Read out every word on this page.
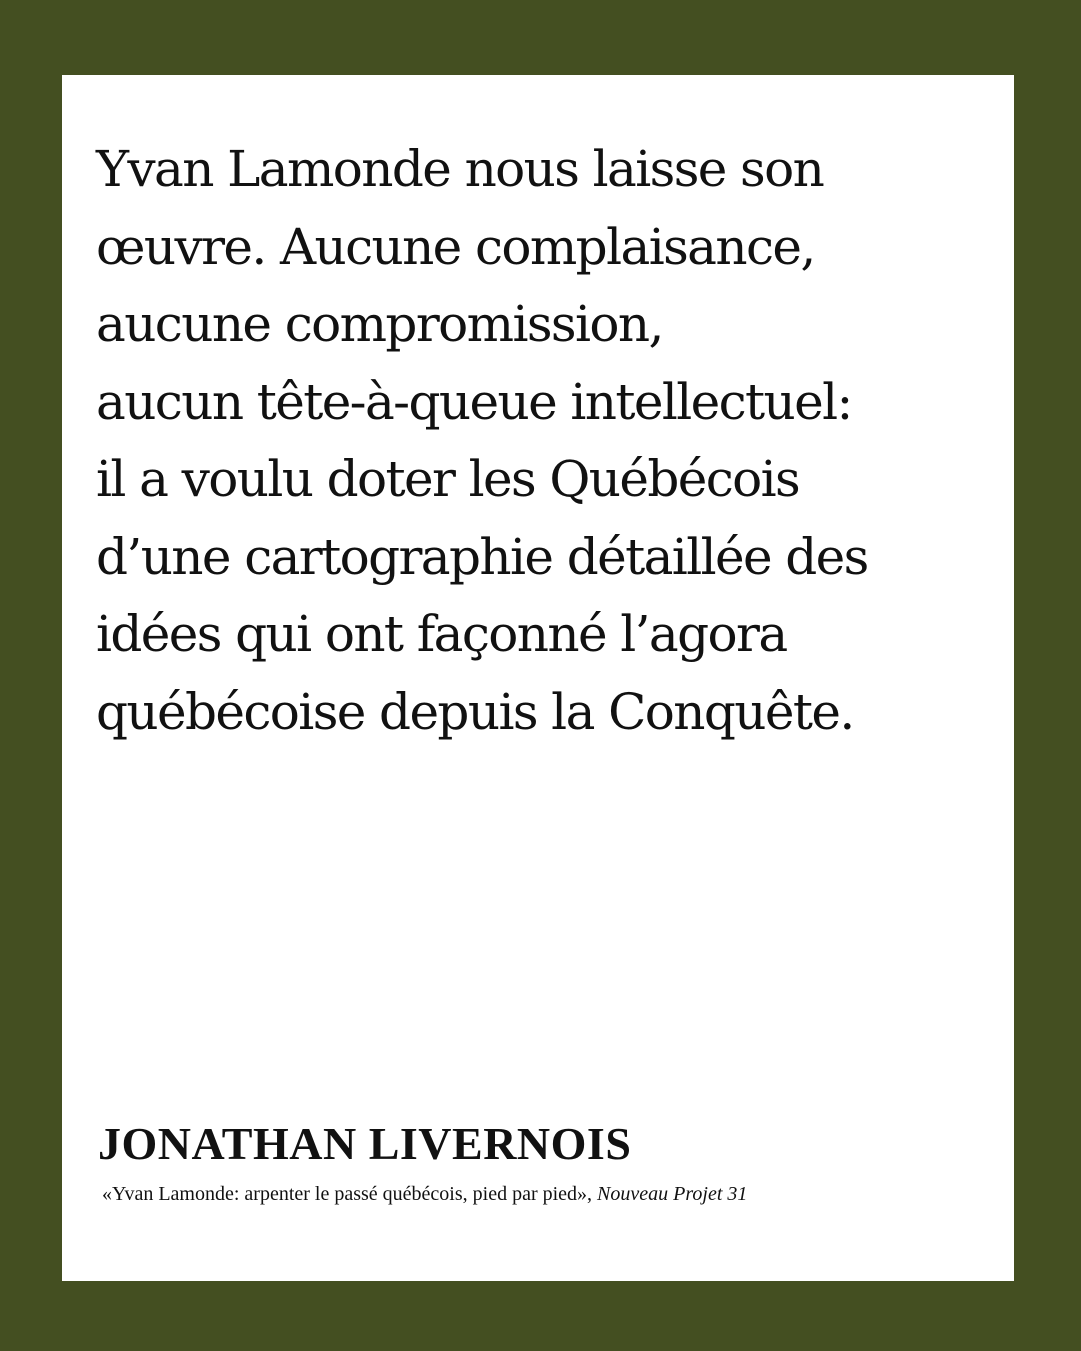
Yvan Lamonde nous laisse son
œuvre. Aucune complaisance,
aucune compromission,
aucun tête-à-queue intellectuel:
il a voulu doter les Québécois
d’une cartographie détaillée des
idées qui ont façonné l’agora
québécoise depuis la Conquête.

JONATHAN LIVERNOIS

«Yvan Lamonde: arpenter le passé québécois, pied par pied», Nouveau Projet 31
